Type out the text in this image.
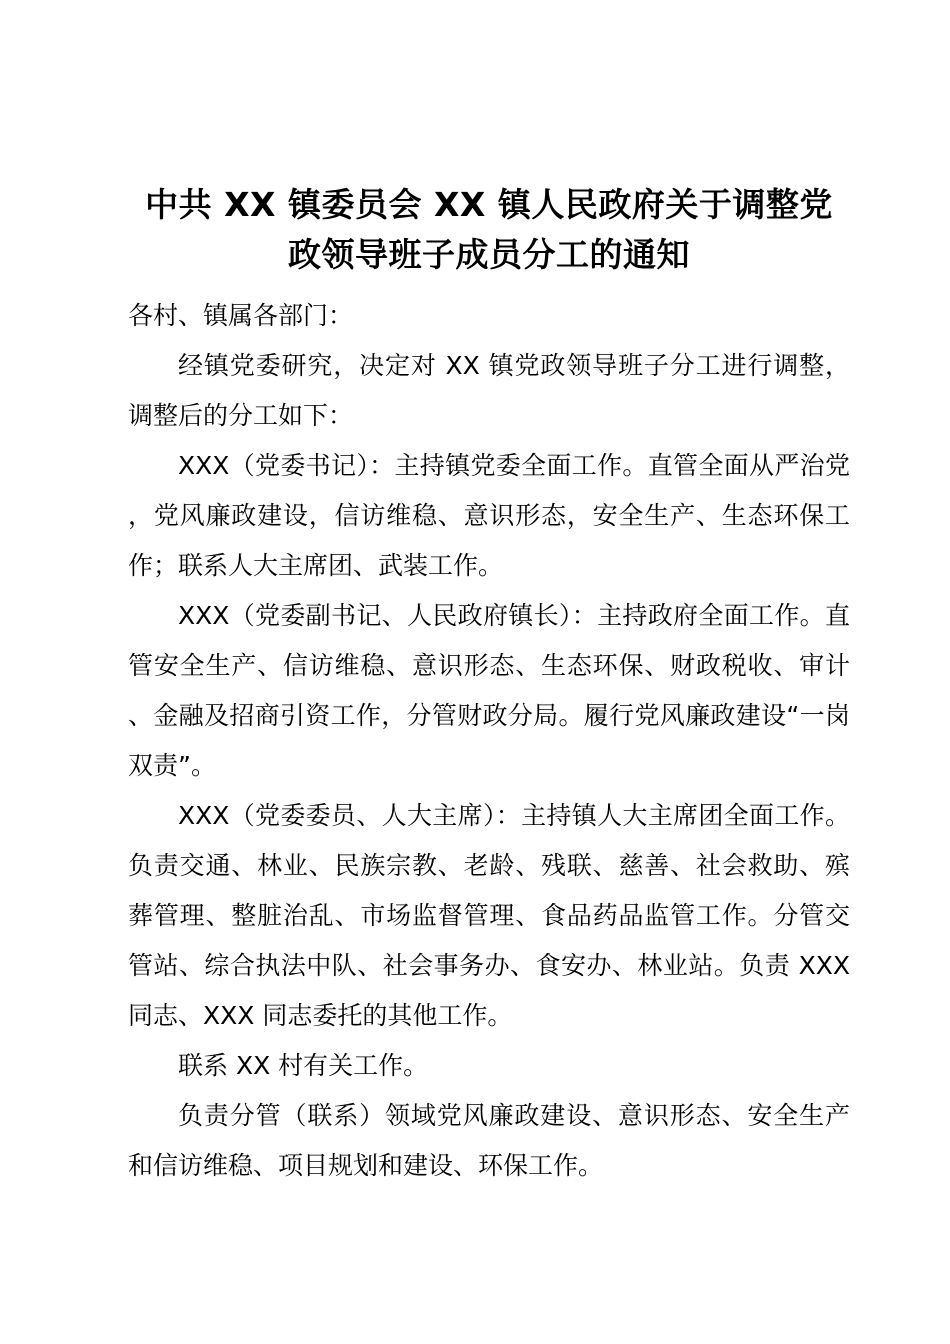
中共 XX 镇委员会 XX 镇人民政府关于调整党
政领导班子成员分工的通知

各村、镇属各部门：

经镇党委研究，决定对 XX 镇党政领导班子分工进行调整，调整后的分工如下：

XXX（党委书记）：主持镇党委全面工作。直管全面从严治党，党风廉政建设，信访维稳、意识形态，安全生产、生态环保工作；联系人大主席团、武装工作。

XXX（党委副书记、人民政府镇长）：主持政府全面工作。直管安全生产、信访维稳、意识形态、生态环保、财政税收、审计、金融及招商引资工作，分管财政分局。履行党风廉政建设“一岗双责”。

XXX（党委委员、人大主席）：主持镇人大主席团全面工作。负责交通、林业、民族宗教、老龄、残联、慈善、社会救助、殡葬管理、整脏治乱、市场监督管理、食品药品监管工作。分管交管站、综合执法中队、社会事务办、食安办、林业站。负责 XXX 同志、XXX 同志委托的其他工作。

联系 XX 村有关工作。

负责分管（联系）领域党风廉政建设、意识形态、安全生产和信访维稳、项目规划和建设、环保工作。
